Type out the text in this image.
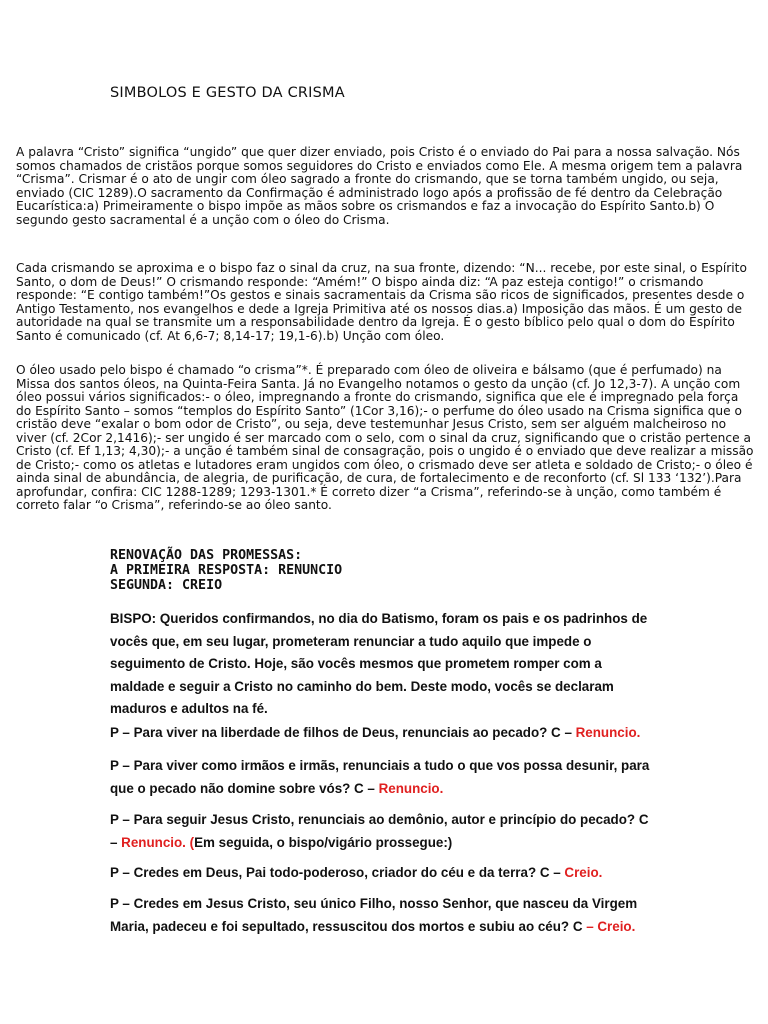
SIMBOLOS E GESTO DA CRISMA

A palavra “Cristo” significa “ungido” que quer dizer enviado, pois Cristo é o enviado do Pai para a nossa salvação. Nós somos chamados de cristãos porque somos seguidores do Cristo e enviados como Ele. A mesma origem tem a palavra “Crisma”. Crismar é o ato de ungir com óleo sagrado a fronte do crismando, que se torna também ungido, ou seja, enviado (CIC 1289).O sacramento da Confirmação é administrado logo após a profissão de fé dentro da Celebração Eucarística:a) Primeiramente o bispo impõe as mãos sobre os crismandos e faz a invocação do Espírito Santo.b) O segundo gesto sacramental é a unção com o óleo do Crisma.

Cada crismando se aproxima e o bispo faz o sinal da cruz, na sua fronte, dizendo: “N... recebe, por este sinal, o Espírito Santo, o dom de Deus!” O crismando responde: “Amém!” O bispo ainda diz: “A paz esteja contigo!” o crismando responde: “E contigo também!”Os gestos e sinais sacramentais da Crisma são ricos de significados, presentes desde o Antigo Testamento, nos evangelhos e dede a Igreja Primitiva até os nossos dias.a) Imposição das mãos. É um gesto de autoridade na qual se transmite um a responsabilidade dentro da Igreja. É o gesto bíblico pelo qual o dom do Espírito Santo é comunicado (cf. At 6,6-7; 8,14-17; 19,1-6).b) Unção com óleo.

O óleo usado pelo bispo é chamado “o crisma”*. É preparado com óleo de oliveira e bálsamo (que é perfumado) na Missa dos santos óleos, na Quinta-Feira Santa. Já no Evangelho notamos o gesto da unção (cf. Jo 12,3-7). A unção com óleo possui vários significados:- o óleo, impregnando a fronte do crismando, significa que ele é impregnado pela força do Espírito Santo – somos “templos do Espírito Santo” (1Cor 3,16);- o perfume do óleo usado na Crisma significa que o cristão deve “exalar o bom odor de Cristo”, ou seja, deve testemunhar Jesus Cristo, sem ser alguém malcheiroso no viver (cf. 2Cor 2,1416);- ser ungido é ser marcado com o selo, com o sinal da cruz, significando que o cristão pertence a Cristo (cf. Ef 1,13; 4,30);- a unção é também sinal de consagração, pois o ungido é o enviado que deve realizar a missão de Cristo;- como os atletas e lutadores eram ungidos com óleo, o crismado deve ser atleta e soldado de Cristo;- o óleo é ainda sinal de abundância, de alegria, de purificação, de cura, de fortalecimento e de reconforto (cf. Sl 133 ‘132’).Para aprofundar, confira: CIC 1288-1289; 1293-1301.* É correto dizer “a Crisma”, referindo-se à unção, como também é correto falar “o Crisma”, referindo-se ao óleo santo.

RENOVAÇÃO DAS PROMESSAS:
A PRIMEIRA RESPOSTA: RENUNCIO
SEGUNDA: CREIO

BISPO: Queridos confirmandos, no dia do Batismo, foram os pais e os padrinhos de vocês que, em seu lugar, prometeram renunciar a tudo aquilo que impede o seguimento de Cristo. Hoje, são vocês mesmos que prometem romper com a maldade e seguir a Cristo no caminho do bem. Deste modo, vocês se declaram maduros e adultos na fé.

P – Para viver na liberdade de filhos de Deus, renunciais ao pecado? C – Renuncio.

P – Para viver como irmãos e irmãs, renunciais a tudo o que vos possa desunir, para que o pecado não domine sobre vós? C – Renuncio.

P – Para seguir Jesus Cristo, renunciais ao demônio, autor e princípio do pecado? C – Renuncio. (Em seguida, o bispo/vigário prossegue:)

P – Credes em Deus, Pai todo-poderoso, criador do céu e da terra? C – Creio.

P – Credes em Jesus Cristo, seu único Filho, nosso Senhor, que nasceu da Virgem Maria, padeceu e foi sepultado, ressuscitou dos mortos e subiu ao céu? C – Creio.
